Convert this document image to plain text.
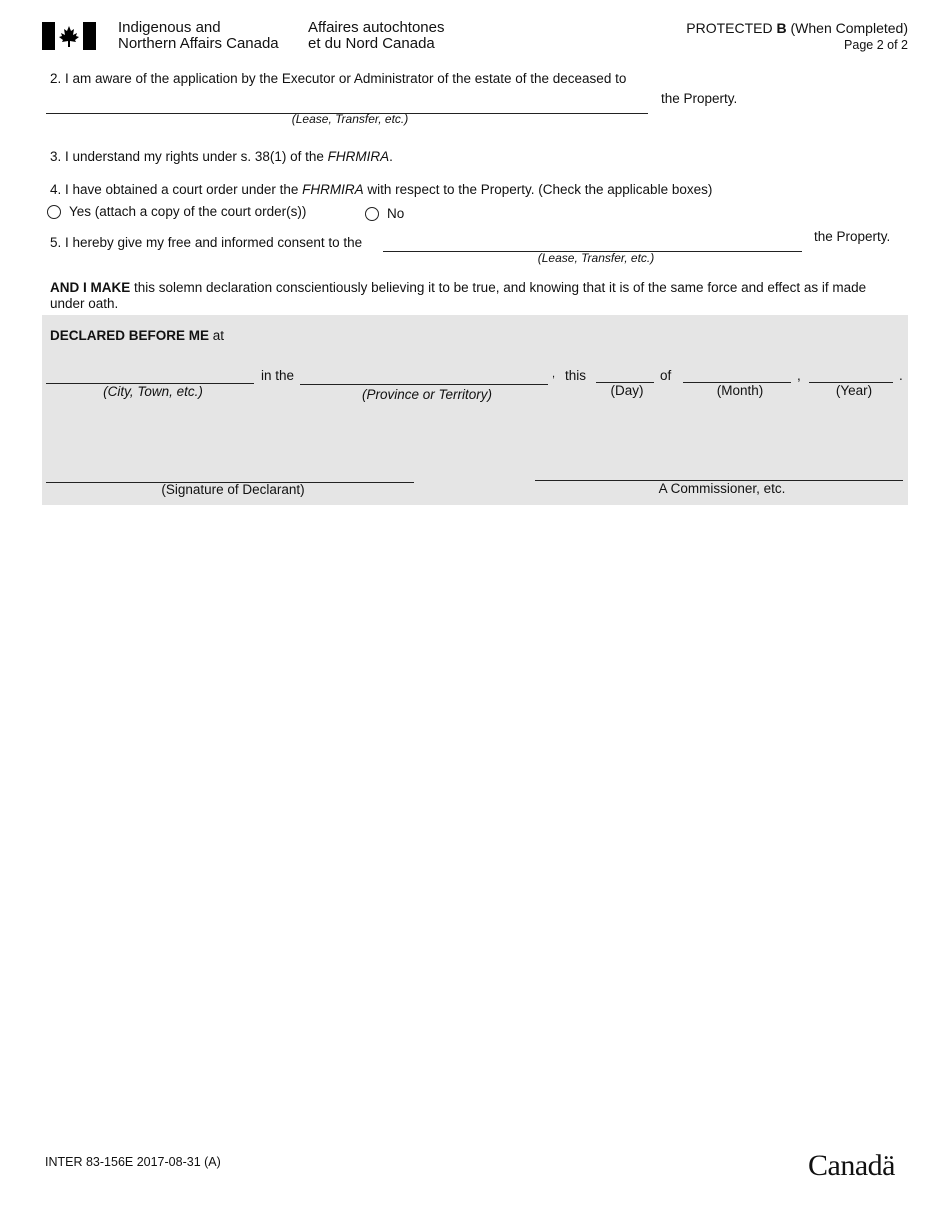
Indigenous and
Northern Affairs Canada
Affaires autochtones
et du Nord Canada
PROTECTED B (When Completed)
Page 2 of 2
2. I am aware of the application by the Executor or Administrator of the estate of the deceased to
the Property.
(Lease, Transfer, etc.)
3. I understand my rights under s. 38(1) of the FHRMIRA.
4. I have obtained a court order under the FHRMIRA with respect to the Property. (Check the applicable boxes)
Yes (attach a copy of the court order(s))	No
5. I hereby give my free and informed consent to the	the Property.
(Lease, Transfer, etc.)
AND I MAKE this solemn declaration conscientiously believing it to be true, and knowing that it is of the same force and effect as if made
under oath.
DECLARED BEFORE ME at
in the	, this	of	,	.
(City, Town, etc.)	(Province or Territory)	(Day)	(Month)	(Year)
(Signature of Declarant)	A Commissioner, etc.
INTER 83-156E 2017-08-31 (A)	Canadä
